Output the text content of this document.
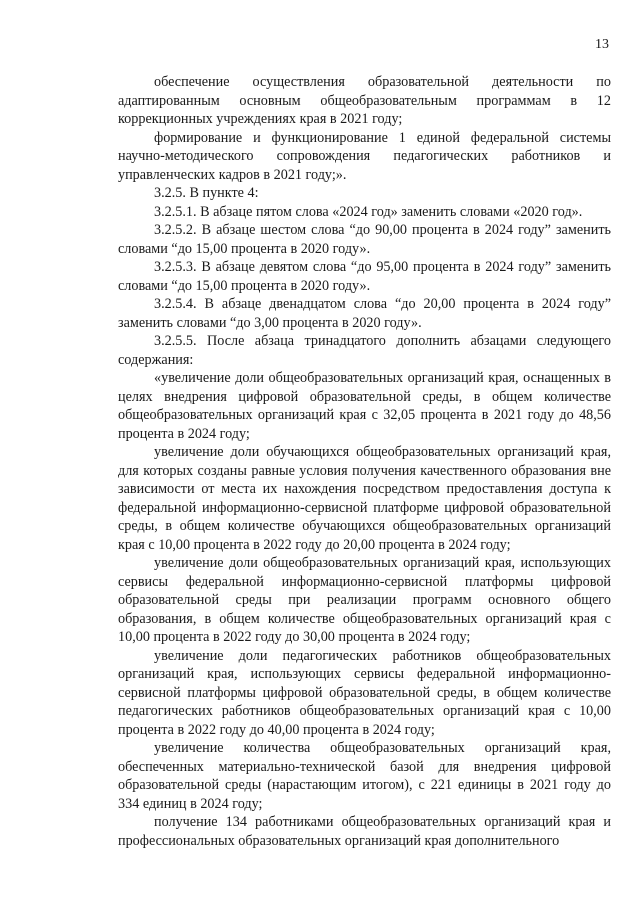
13

обеспечение осуществления образовательной деятельности по адаптированным основным общеобразовательным программам в 12 коррекционных учреждениях края в 2021 году;

формирование и функционирование 1 единой федеральной системы научно-методического сопровождения педагогических работников и управленческих кадров в 2021 году;».

3.2.5. В пункте 4:

3.2.5.1. В абзаце пятом слова «2024 год» заменить словами «2020 год».

3.2.5.2. В абзаце шестом слова “до 90,00 процента в 2024 году” заменить словами “до 15,00 процента в 2020 году».

3.2.5.3. В абзаце девятом слова “до 95,00 процента в 2024 году” заменить словами “до 15,00 процента в 2020 году».

3.2.5.4. В абзаце двенадцатом слова “до 20,00 процента в 2024 году” заменить словами “до 3,00 процента в 2020 году».

3.2.5.5. После абзаца тринадцатого дополнить абзацами следующего содержания:

«увеличение доли общеобразовательных организаций края, оснащенных в целях внедрения цифровой образовательной среды, в общем количестве общеобразовательных организаций края с 32,05 процента в 2021 году до 48,56 процента в 2024 году;

увеличение доли обучающихся общеобразовательных организаций края, для которых созданы равные условия получения качественного образования вне зависимости от места их нахождения посредством предоставления доступа к федеральной информационно-сервисной платформе цифровой образовательной среды, в общем количестве обучающихся общеобразовательных организаций края с 10,00 процента в 2022 году до 20,00 процента в 2024 году;

увеличение доли общеобразовательных организаций края, использующих сервисы федеральной информационно-сервисной платформы цифровой образовательной среды при реализации программ основного общего образования, в общем количестве общеобразовательных организаций края с 10,00 процента в 2022 году до 30,00 процента в 2024 году;

увеличение доли педагогических работников общеобразовательных организаций края, использующих сервисы федеральной информационно-сервисной платформы цифровой образовательной среды, в общем количестве педагогических работников общеобразовательных организаций края с 10,00 процента в 2022 году до 40,00 процента в 2024 году;

увеличение количества общеобразовательных организаций края, обеспеченных материально-технической базой для внедрения цифровой образовательной среды (нарастающим итогом), с 221 единицы в 2021 году до 334 единиц в 2024 году;

получение 134 работниками общеобразовательных организаций края и профессиональных образовательных организаций края дополнительного
